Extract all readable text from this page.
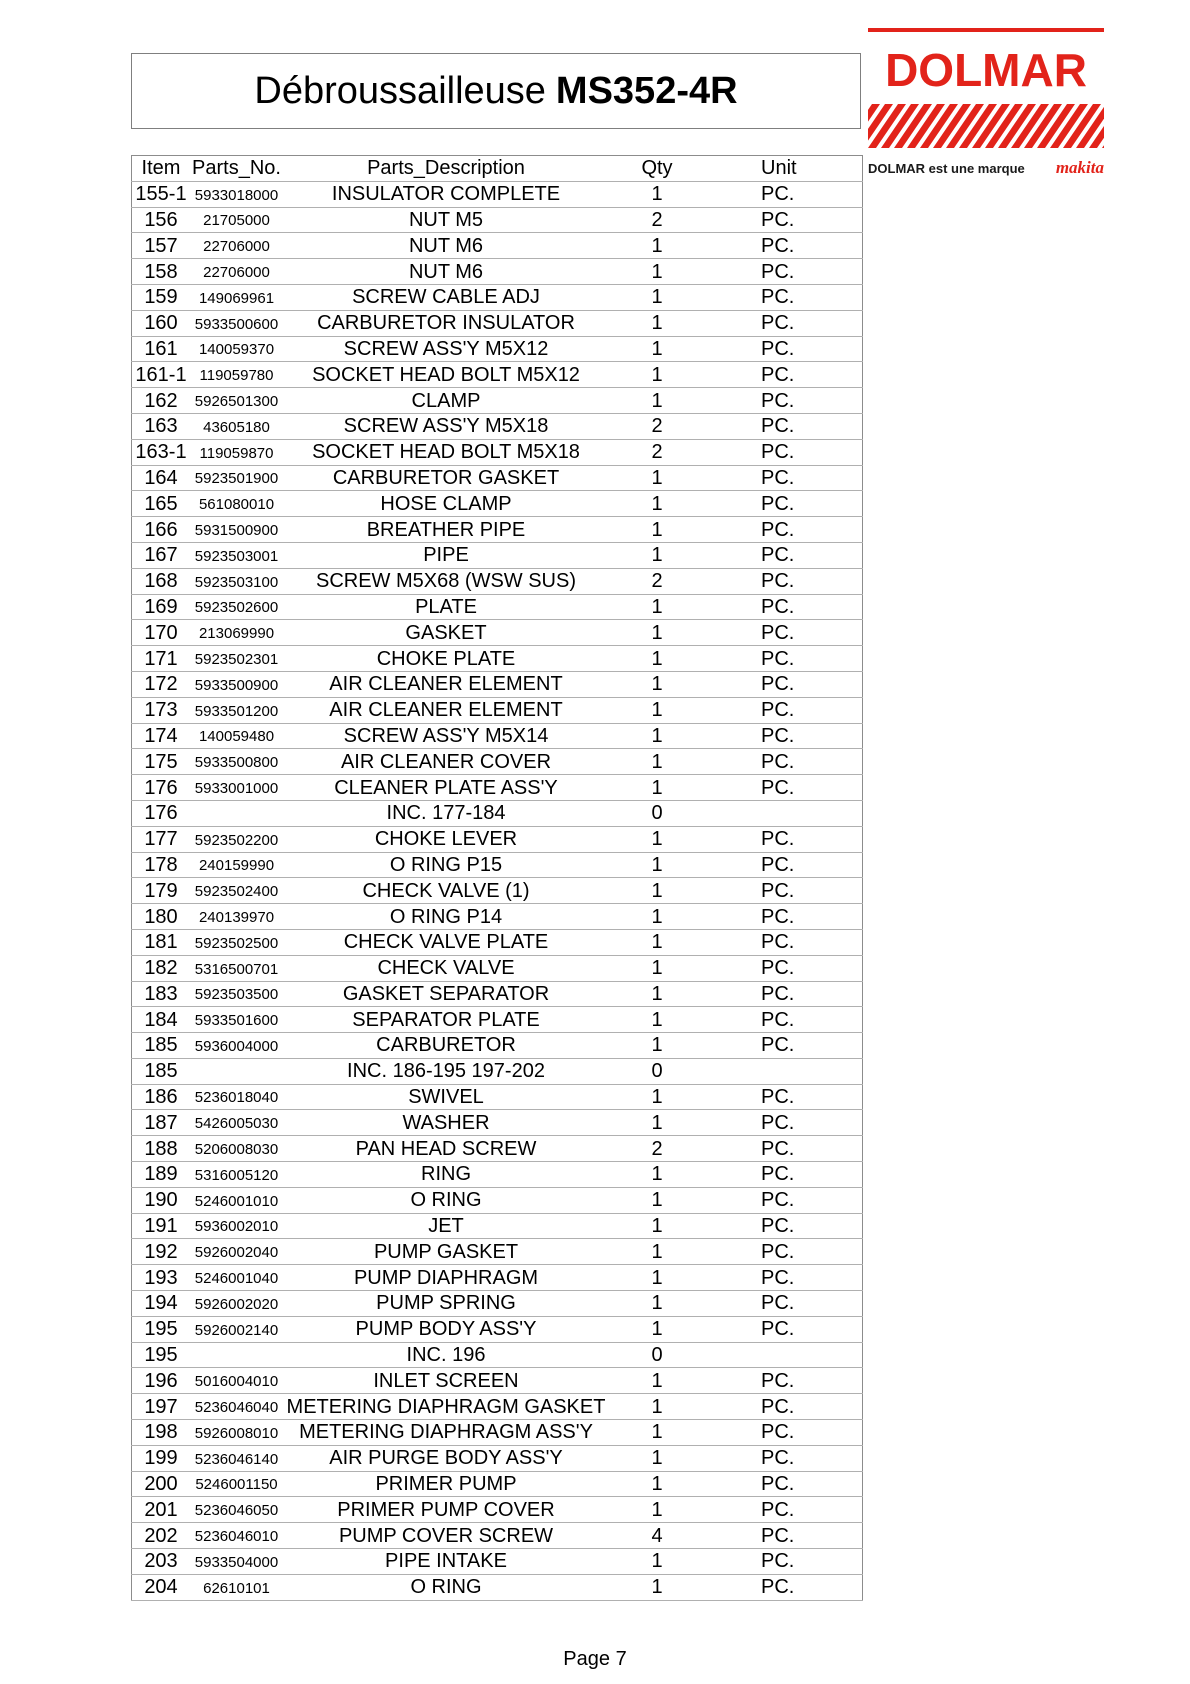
Débroussailleuse MS352-4R	DOLMAR
DOLMAR est une marque makita
Item	Parts_No.	Parts_Description	Qty	Unit
155-1	5933018000	INSULATOR COMPLETE	1	PC.
156	21705000	NUT M5	2	PC.
157	22706000	NUT M6	1	PC.
158	22706000	NUT M6	1	PC.
159	149069961	SCREW CABLE ADJ	1	PC.
160	5933500600	CARBURETOR INSULATOR	1	PC.
161	140059370	SCREW ASS'Y M5X12	1	PC.
161-1	119059780	SOCKET HEAD BOLT M5X12	1	PC.
162	5926501300	CLAMP	1	PC.
163	43605180	SCREW ASS'Y M5X18	2	PC.
163-1	119059870	SOCKET HEAD BOLT M5X18	2	PC.
164	5923501900	CARBURETOR GASKET	1	PC.
165	561080010	HOSE CLAMP	1	PC.
166	5931500900	BREATHER PIPE	1	PC.
167	5923503001	PIPE	1	PC.
168	5923503100	SCREW M5X68 (WSW SUS)	2	PC.
169	5923502600	PLATE	1	PC.
170	213069990	GASKET	1	PC.
171	5923502301	CHOKE PLATE	1	PC.
172	5933500900	AIR CLEANER ELEMENT	1	PC.
173	5933501200	AIR CLEANER ELEMENT	1	PC.
174	140059480	SCREW ASS'Y M5X14	1	PC.
175	5933500800	AIR CLEANER COVER	1	PC.
176	5933001000	CLEANER PLATE ASS'Y	1	PC.
176		INC. 177-184	0	
177	5923502200	CHOKE LEVER	1	PC.
178	240159990	O RING P15	1	PC.
179	5923502400	CHECK VALVE (1)	1	PC.
180	240139970	O RING P14	1	PC.
181	5923502500	CHECK VALVE PLATE	1	PC.
182	5316500701	CHECK VALVE	1	PC.
183	5923503500	GASKET SEPARATOR	1	PC.
184	5933501600	SEPARATOR PLATE	1	PC.
185	5936004000	CARBURETOR	1	PC.
185		INC. 186-195 197-202	0	
186	5236018040	SWIVEL	1	PC.
187	5426005030	WASHER	1	PC.
188	5206008030	PAN HEAD SCREW	2	PC.
189	5316005120	RING	1	PC.
190	5246001010	O RING	1	PC.
191	5936002010	JET	1	PC.
192	5926002040	PUMP GASKET	1	PC.
193	5246001040	PUMP DIAPHRAGM	1	PC.
194	5926002020	PUMP SPRING	1	PC.
195	5926002140	PUMP BODY ASS'Y	1	PC.
195		INC. 196	0	
196	5016004010	INLET SCREEN	1	PC.
197	5236046040	METERING DIAPHRAGM GASKET	1	PC.
198	5926008010	METERING DIAPHRAGM ASS'Y	1	PC.
199	5236046140	AIR PURGE BODY ASS'Y	1	PC.
200	5246001150	PRIMER PUMP	1	PC.
201	5236046050	PRIMER PUMP COVER	1	PC.
202	5236046010	PUMP COVER SCREW	4	PC.
203	5933504000	PIPE INTAKE	1	PC.
204	62610101	O RING	1	PC.
Page 7
